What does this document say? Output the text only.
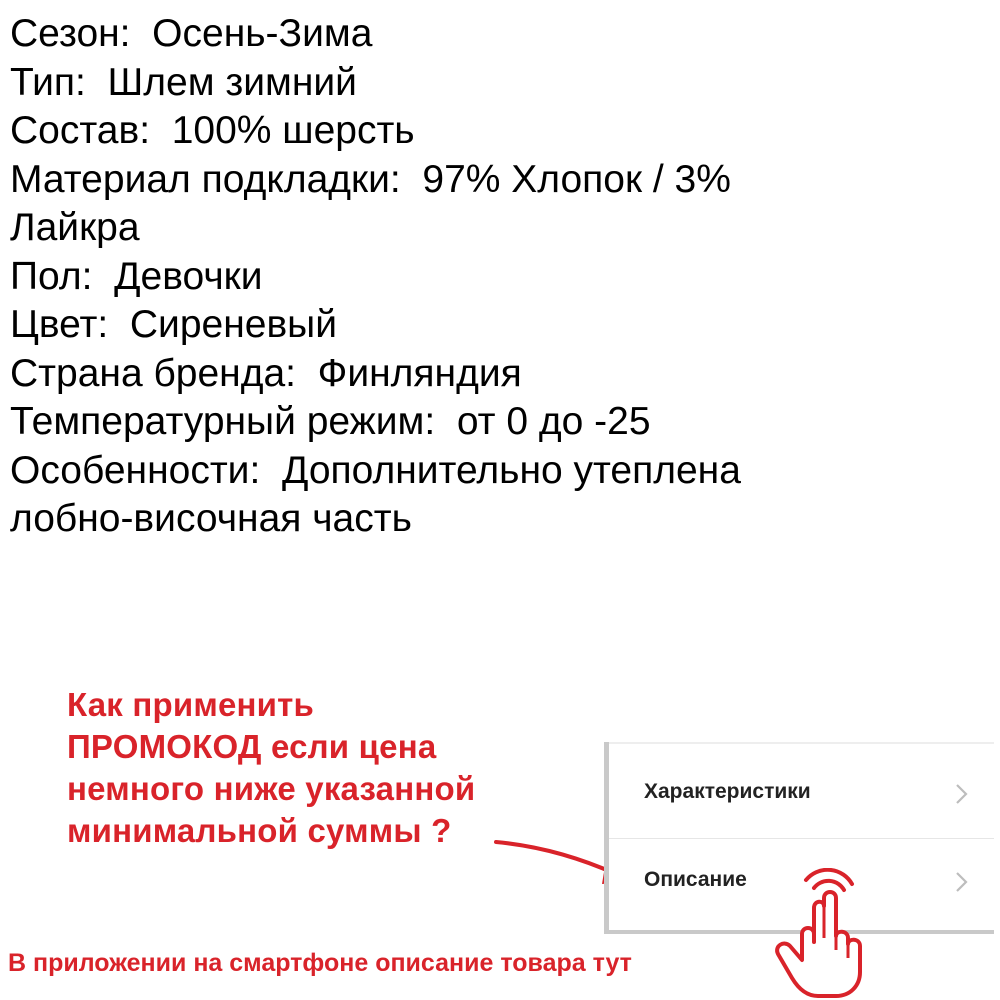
Сезон:  Осень-Зима
Тип:  Шлем зимний
Состав:  100% шерсть
Материал подкладки:  97% Хлопок / 3%
Лайкра
Пол:  Девочки
Цвет:  Сиреневый
Страна бренда:  Финляндия
Температурный режим:  от 0 до -25
Особенности:  Дополнительно утеплена
лобно-височная часть
Как применить
ПРОМОКОД если цена
немного ниже указанной
минимальной суммы ?
Характеристики
Описание
В приложении на смартфоне описание товара тут
